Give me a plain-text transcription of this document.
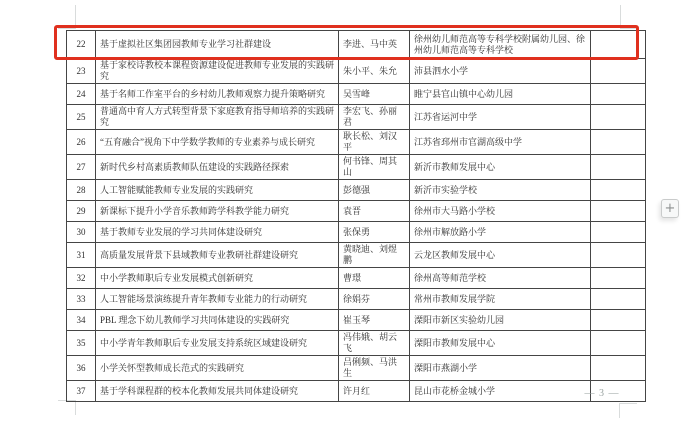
22	基于虚拟社区集团园教师专业学习社群建设	李进、马中英	徐州幼儿师范高等专科学校附属幼儿园、徐州幼儿师范高等专科学校	
23	基于家校诗教校本课程资源建设促进教师专业发展的实践研究	朱小平、朱允	沛县泗水小学	
24	基于名师工作室平台的乡村幼儿教师观察力提升策略研究	吴雪峰	睢宁县官山镇中心幼儿园	
25	普通高中育人方式转型背景下家庭教育指导师培养的实践研究	李宏飞、孙丽君	江苏省运河中学	
26	“五育融合”视角下中学数学教师的专业素养与成长研究	耿长松、刘汉平	江苏省邳州市官湖高级中学	
27	新时代乡村高素质教师队伍建设的实践路径探索	何书锋、周其山	新沂市教师发展中心	
28	人工智能赋能教师专业发展的实践研究	彭德强	新沂市实验学校	
29	新课标下提升小学音乐教师跨学科教学能力研究	袁晋	徐州市大马路小学校	
30	基于教师专业发展的学习共同体建设研究	张保勇	徐州市解放路小学	
31	高质量发展背景下县域教师专业教研社群建设研究	黄晓迪、刘煜鹏	云龙区教师发展中心	
32	中小学教师职后专业发展模式创新研究	曹璟	徐州高等师范学校	
33	人工智能场景演练提升青年教师专业能力的行动研究	徐娟芬	常州市教师发展学院	
34	PBL 理念下幼儿教师学习共同体建设的实践研究	崔玉琴	溧阳市新区实验幼儿园	
35	中小学青年教师职后专业发展支持系统区域建设研究	冯伟娥、胡云飞	溧阳市教师发展中心	
36	小学关怀型教师成长范式的实践研究	吕俐频、马洪生	溧阳市燕湖小学	
37	基于学科课程群的校本化教师发展共同体建设研究	许月红	昆山市花桥金城小学	
+
— 3 —
